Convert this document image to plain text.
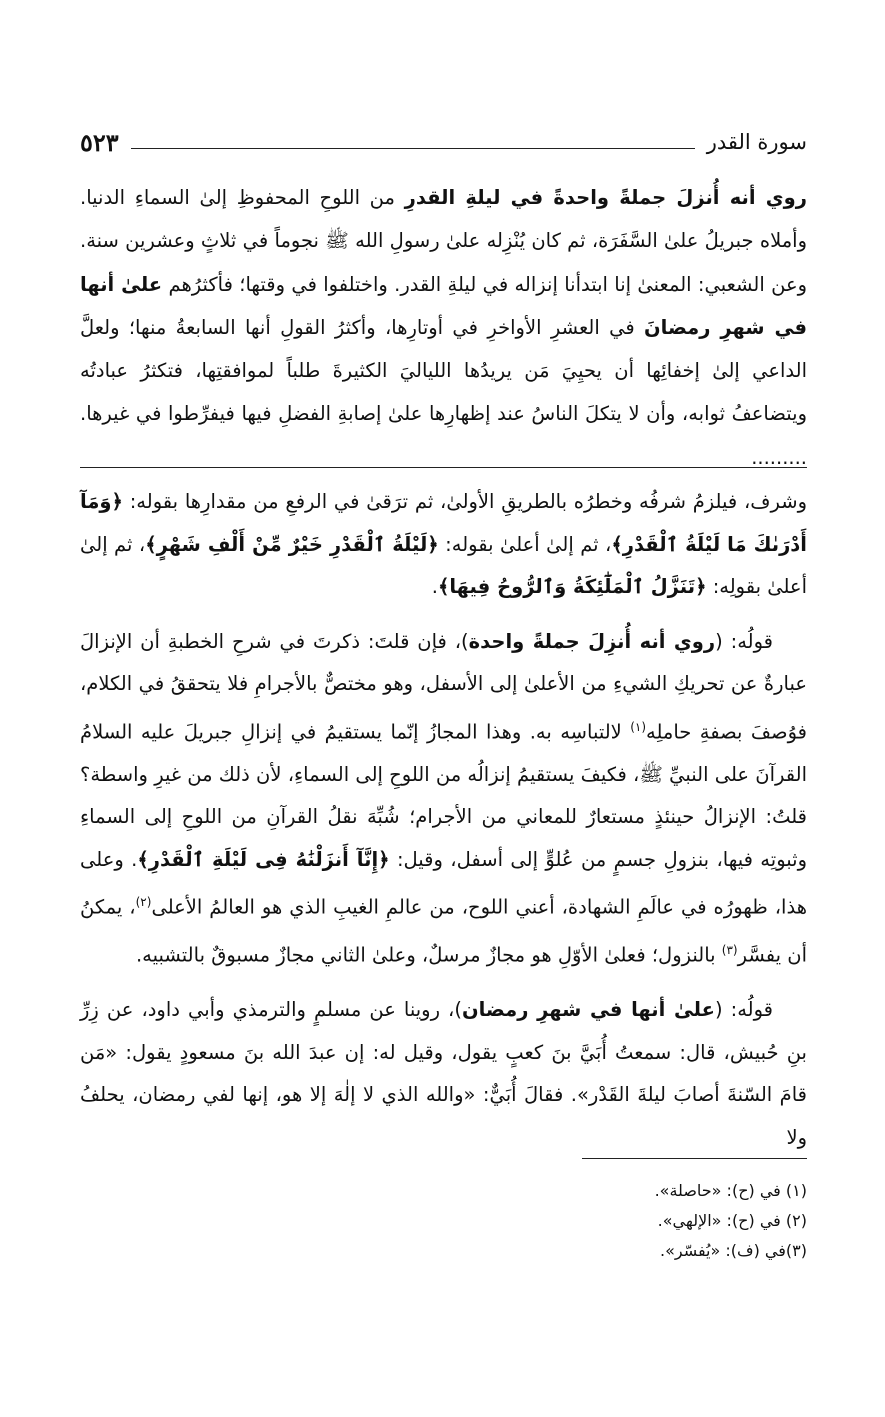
سورة القدر
٥٢٣

روي أنه أُنزلَ جملةً واحدةً في ليلةِ القدرِ من اللوحِ المحفوظِ إلىٰ السماءِ الدنيا. وأملاه جبريلُ علىٰ السَّفَرَة، ثم كان يُنْزِله علىٰ رسولِ الله ﷺ نجوماً في ثلاثٍ وعشرين سنة. وعن الشعبي: المعنىٰ إنا ابتدأنا إنزاله في ليلةِ القدر. واختلفوا في وقتها؛ فأكثرُهم علىٰ أنها في شهرِ رمضانَ في العشرِ الأواخرِ في أوتارِها، وأكثرُ القولِ أنها السابعةُ منها؛ ولعلَّ الداعي إلىٰ إخفائِها أن يحيِيَ مَن يريدُها اللياليَ الكثيرةَ طلباً لموافقتِها، فتكثرُ عبادتُه ويتضاعفُ ثوابه، وأن لا يتكلَ الناسُ عند إظهارِها علىٰ إصابةِ الفضلِ فيها فيفرِّطوا في غيرها. .........

وشرف، فيلزمُ شرفُه وخطرُه بالطريقِ الأولىٰ، ثم ترَقىٰ في الرفعِ من مقدارِها بقوله: ﴿وَمَآ أَدْرَىٰكَ مَا لَيْلَةُ ٱلْقَدْرِ﴾، ثم إلىٰ أعلىٰ بقوله: ﴿لَيْلَةُ ٱلْقَدْرِ خَيْرٌ مِّنْ أَلْفِ شَهْرٍ﴾، ثم إلىٰ أعلىٰ بقولِه: ﴿تَنَزَّلُ ٱلْمَلَٰٓئِكَةُ وَٱلرُّوحُ فِيهَا﴾.

قولُه: (روي أنه أُنزِلَ جملةً واحدة)، فإن قلتَ: ذكرتَ في شرحِ الخطبةِ أن الإنزالَ عبارةٌ عن تحريكِ الشيءِ من الأعلىٰ إلى الأسفل، وهو مختصٌّ بالأجرامِ فلا يتحققُ في الكلام، فوُصفَ بصفةِ حاملِه$^{(١)}$ لالتباسِه به. وهذا المجازُ إنّما يستقيمُ في إنزالِ جبريلَ عليه السلامُ القرآنَ على النبيِّ ﷺ، فكيفَ يستقيمُ إنزالُه من اللوحِ إلى السماءِ، لأن ذلك من غيرِ واسطة؟ قلتُ: الإنزالُ حينئذٍ مستعارٌ للمعاني من الأجرام؛ شُبِّهَ نقلُ القرآنِ من اللوحِ إلى السماءِ وثبوتِه فيها، بنزولِ جسمٍ من عُلوٍّ إلى أسفل، وقيل: ﴿إِنَّآ أَنزَلْنَٰهُ فِى لَيْلَةِ ٱلْقَدْرِ﴾. وعلى هذا، ظهورُه في عالَمِ الشهادة، أعني اللوح، من عالمِ الغيبِ الذي هو العالمُ الأعلى$^{(٢)}$، يمكنُ أن يفسَّر$^{(٣)}$ بالنزول؛ فعلىٰ الأوّلِ هو مجازٌ مرسلٌ، وعلىٰ الثاني مجازٌ مسبوقٌ بالتشبيه.

قولُه: (علىٰ أنها في شهرِ رمضان)، روينا عن مسلمٍ والترمذي وأبي داود، عن زِرِّ بنِ حُبيش، قال: سمعتُ أُبَيَّ بنَ كعبٍ يقول، وقيل له: إن عبدَ الله بنَ مسعودٍ يقول: «مَن قامَ السّنةَ أصابَ ليلةَ القَدْر». فقالَ أُبَيٌّ: «والله الذي لا إلٰهَ إلا هو، إنها لفي رمضان، يحلفُ ولا

(١) في (ح): «حاصلة».
(٢) في (ح): «الإلهي».
(٣)في (ف): «يُفسّر».
